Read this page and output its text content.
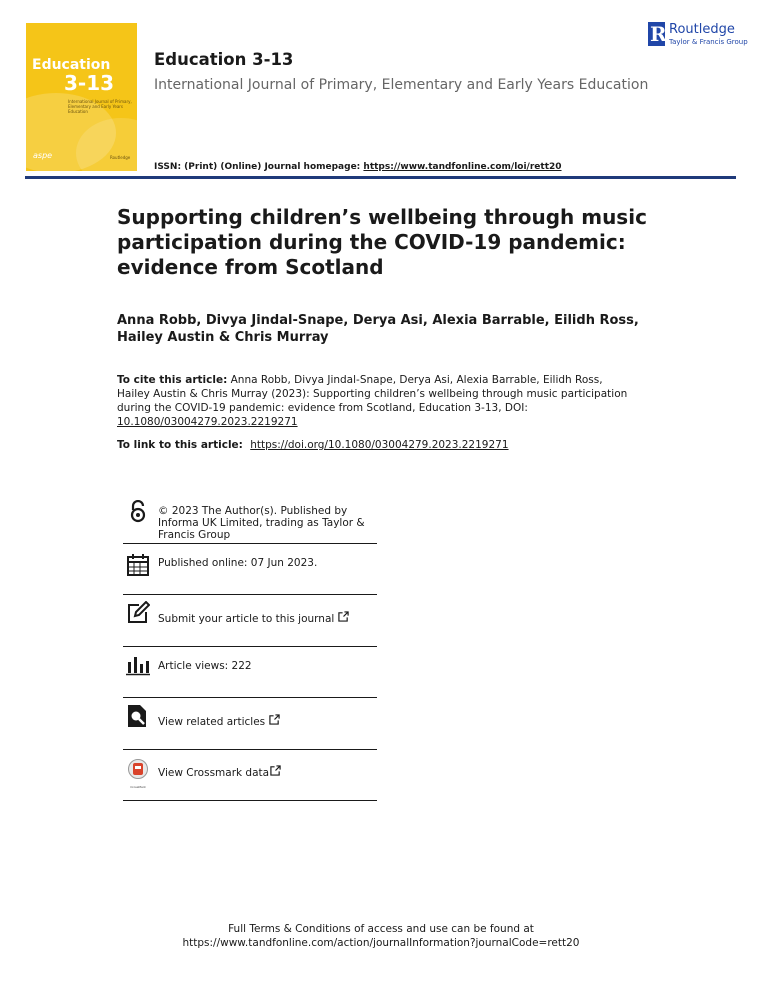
Education
3-13
International Journal of Primary, Elementary and Early Years Education
aspe	Routledge
Education 3-13
International Journal of Primary, Elementary and Early Years Education
R Routledge
Taylor & Francis Group
ISSN: (Print) (Online) Journal homepage: https://www.tandfonline.com/loi/rett20
Supporting children’s wellbeing through music participation during the COVID-19 pandemic: evidence from Scotland
Anna Robb, Divya Jindal-Snape, Derya Asi, Alexia Barrable, Eilidh Ross, Hailey Austin & Chris Murray
To cite this article: Anna Robb, Divya Jindal-Snape, Derya Asi, Alexia Barrable, Eilidh Ross, Hailey Austin & Chris Murray (2023): Supporting children’s wellbeing through music participation during the COVID-19 pandemic: evidence from Scotland, Education 3-13, DOI: 10.1080/03004279.2023.2219271
To link to this article: https://doi.org/10.1080/03004279.2023.2219271
© 2023 The Author(s). Published by Informa UK Limited, trading as Taylor & Francis Group
Published online: 07 Jun 2023.
Submit your article to this journal
Article views: 222
View related articles
CrossMark
View Crossmark data
Full Terms & Conditions of access and use can be found at
https://www.tandfonline.com/action/journalInformation?journalCode=rett20
